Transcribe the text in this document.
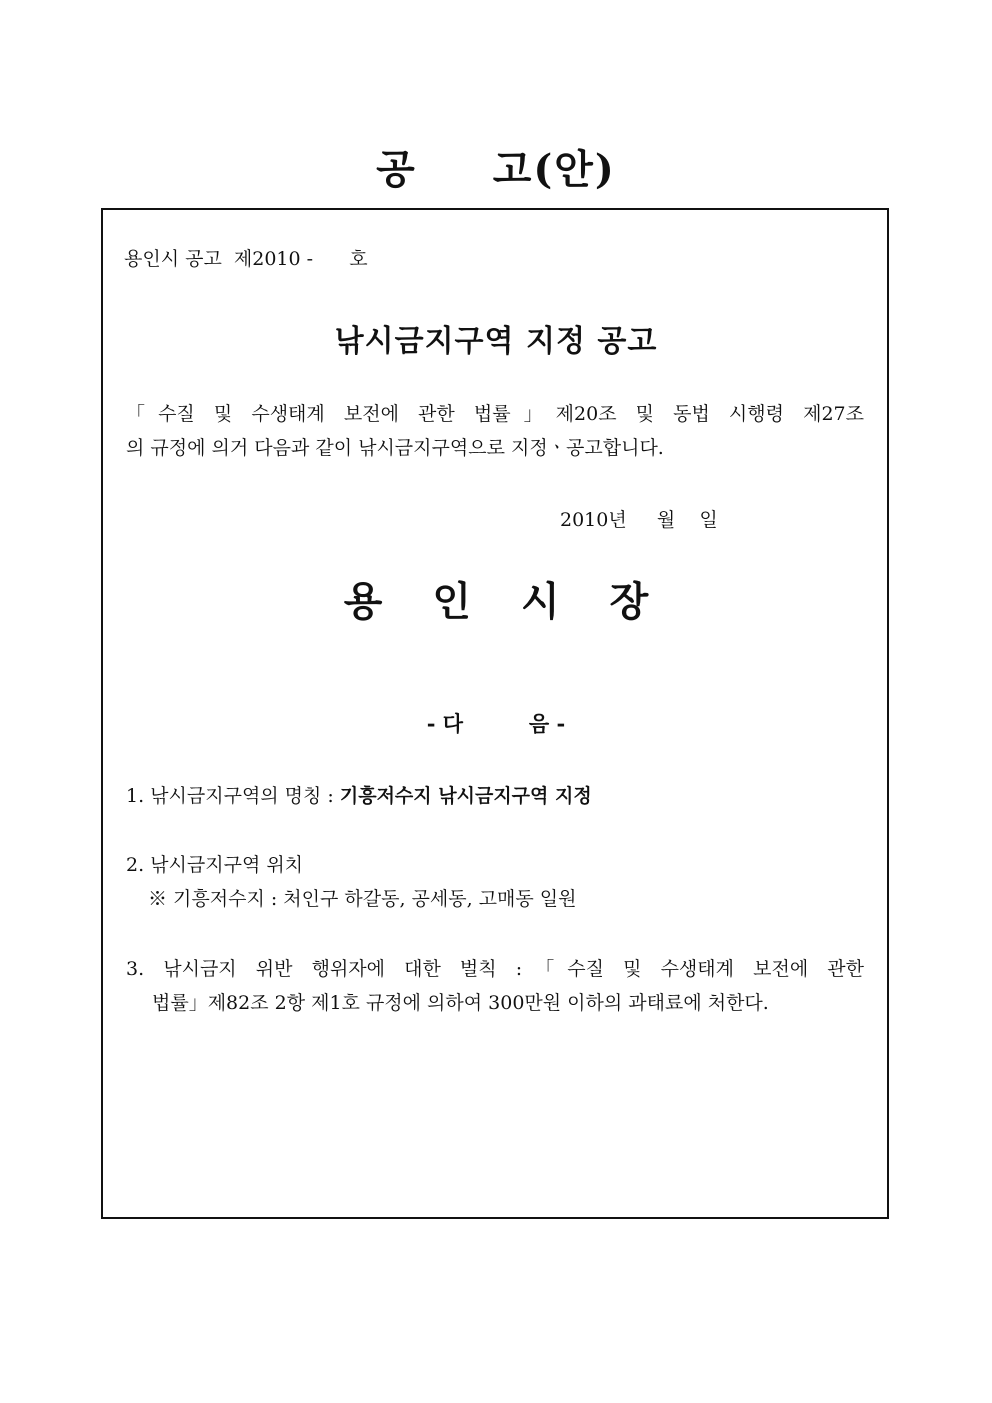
공 고(안)
용인시 공고  제2010 -      호
낚시금지구역 지정 공고
「수질 및 수생태계 보전에 관한 법률」제20조 및 동법 시행령 제27조
의 규정에 의거 다음과 같이 낚시금지구역으로 지정ㆍ공고합니다.
2010년     월    일
용인시장
- 다         음 -
1. 낚시금지구역의 명칭 : 기흥저수지 낚시금지구역 지정
2. 낚시금지구역 위치
※ 기흥저수지 : 처인구 하갈동, 공세동, 고매동 일원
3. 낚시금지 위반 행위자에 대한 벌칙 :「수질 및 수생태계 보전에 관한
법률」제82조 2항 제1호 규정에 의하여 300만원 이하의 과태료에 처한다.
